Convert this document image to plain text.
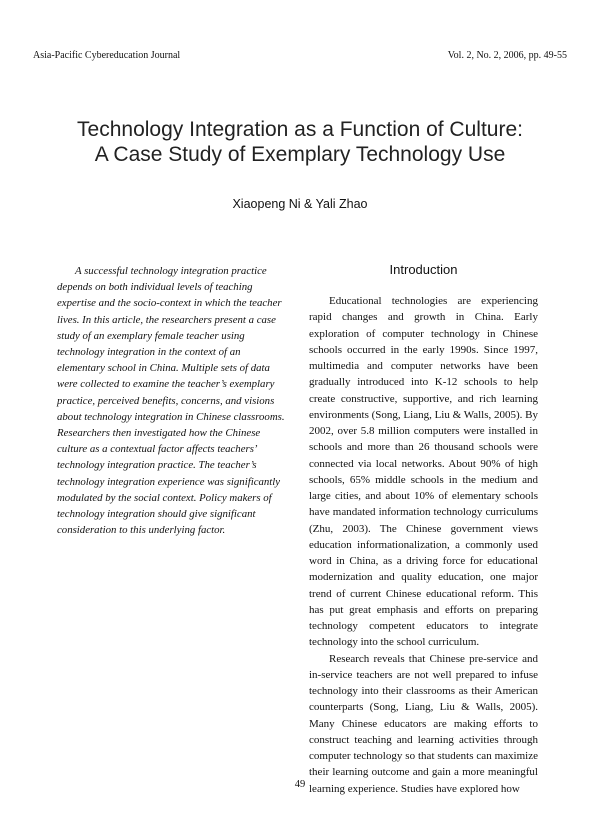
Asia-Pacific Cybereducation Journal	Vol. 2, No. 2, 2006, pp. 49-55
Technology Integration as a Function of Culture:
A Case Study of Exemplary Technology Use
Xiaopeng Ni & Yali Zhao

A successful technology integration practice depends on both individual levels of teaching expertise and the socio-context in which the teacher lives. In this article, the researchers present a case study of an exemplary female teacher using technology integration in the context of an elementary school in China. Multiple sets of data were collected to examine the teacher’s exemplary practice, perceived benefits, concerns, and visions about technology integration in Chinese classrooms. Researchers then investigated how the Chinese culture as a contextual factor affects teachers’ technology integration practice. The teacher’s technology integration experience was significantly modulated by the social context. Policy makers of technology integration should give significant consideration to this underlying factor.

Introduction

Educational technologies are experiencing rapid changes and growth in China. Early exploration of computer technology in Chinese schools occurred in the early 1990s. Since 1997, multimedia and computer networks have been gradually introduced into K-12 schools to help create constructive, supportive, and rich learning environments (Song, Liang, Liu & Walls, 2005). By 2002, over 5.8 million computers were installed in schools and more than 26 thousand schools were connected via local networks. About 90% of high schools, 65% middle schools in the medium and large cities, and about 10% of elementary schools have mandated information technology curriculums (Zhu, 2003). The Chinese government views education informationalization, a commonly used word in China, as a driving force for educational modernization and quality education, one major trend of current Chinese educational reform. This has put great emphasis and efforts on preparing technology competent educators to integrate technology into the school curriculum.

Research reveals that Chinese pre-service and in-service teachers are not well prepared to infuse technology into their classrooms as their American counterparts (Song, Liang, Liu & Walls, 2005). Many Chinese educators are making efforts to construct teaching and learning activities through computer technology so that students can maximize their learning outcome and gain a more meaningful learning experience. Studies have explored how

49
